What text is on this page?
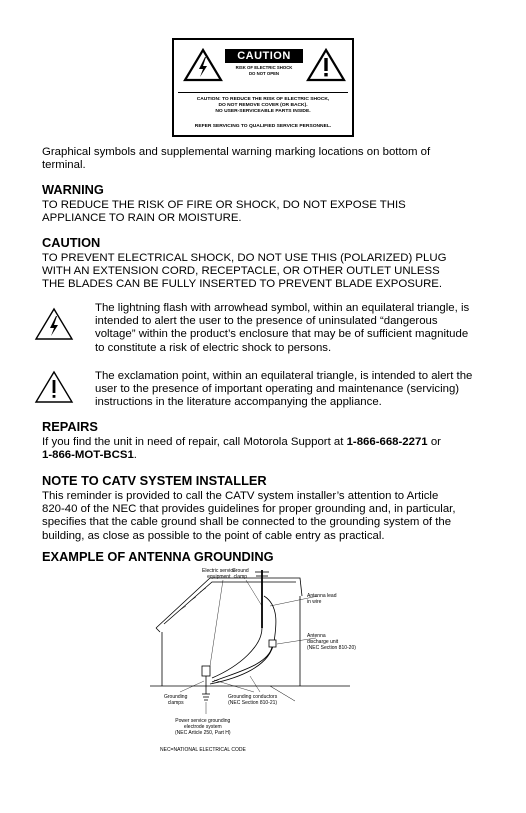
CAUTION
RISK OF ELECTRIC SHOCK
DO NOT OPEN
CAUTION: TO REDUCE THE RISK OF ELECTRIC SHOCK,
DO NOT REMOVE COVER (OR BACK).
NO USER-SERVICEABLE PARTS INSIDE.
REFER SERVICING TO QUALIFIED SERVICE PERSONNEL.
Graphical symbols and supplemental warning marking locations on bottom of
terminal.
WARNING
TO REDUCE THE RISK OF FIRE OR SHOCK, DO NOT EXPOSE THIS
APPLIANCE TO RAIN OR MOISTURE.
CAUTION
TO PREVENT ELECTRICAL SHOCK, DO NOT USE THIS (POLARIZED) PLUG
WITH AN EXTENSION CORD, RECEPTACLE, OR OTHER OUTLET UNLESS
THE BLADES CAN BE FULLY INSERTED TO PREVENT BLADE EXPOSURE.
The lightning flash with arrowhead symbol, within an equilateral triangle, is
intended to alert the user to the presence of uninsulated “dangerous
voltage” within the product’s enclosure that may be of sufficient magnitude
to constitute a risk of electric shock to persons.
The exclamation point, within an equilateral triangle, is intended to alert the
user to the presence of important operating and maintenance (servicing)
instructions in the literature accompanying the appliance.
REPAIRS
If you find the unit in need of repair, call Motorola Support at 1-866-668-2271 or
1-866-MOT-BCS1.
NOTE TO CATV SYSTEM INSTALLER
This reminder is provided to call the CATV system installer’s attention to Article
820-40 of the NEC that provides guidelines for proper grounding and, in particular,
specifies that the cable ground shall be connected to the grounding system of the
building, as close as possible to the point of cable entry as practical.
EXAMPLE OF ANTENNA GROUNDING
Electric service
equipment
Ground
clamp
Antenna lead
in wire
Antenna
discharge unit
(NEC Section 810-20)
Grounding
clamps
Grounding conductors
(NEC Section 810-21)
Power service grounding
electrode system
(NEC Article 250, Part H)
NEC=NATIONAL ELECTRICAL CODE
